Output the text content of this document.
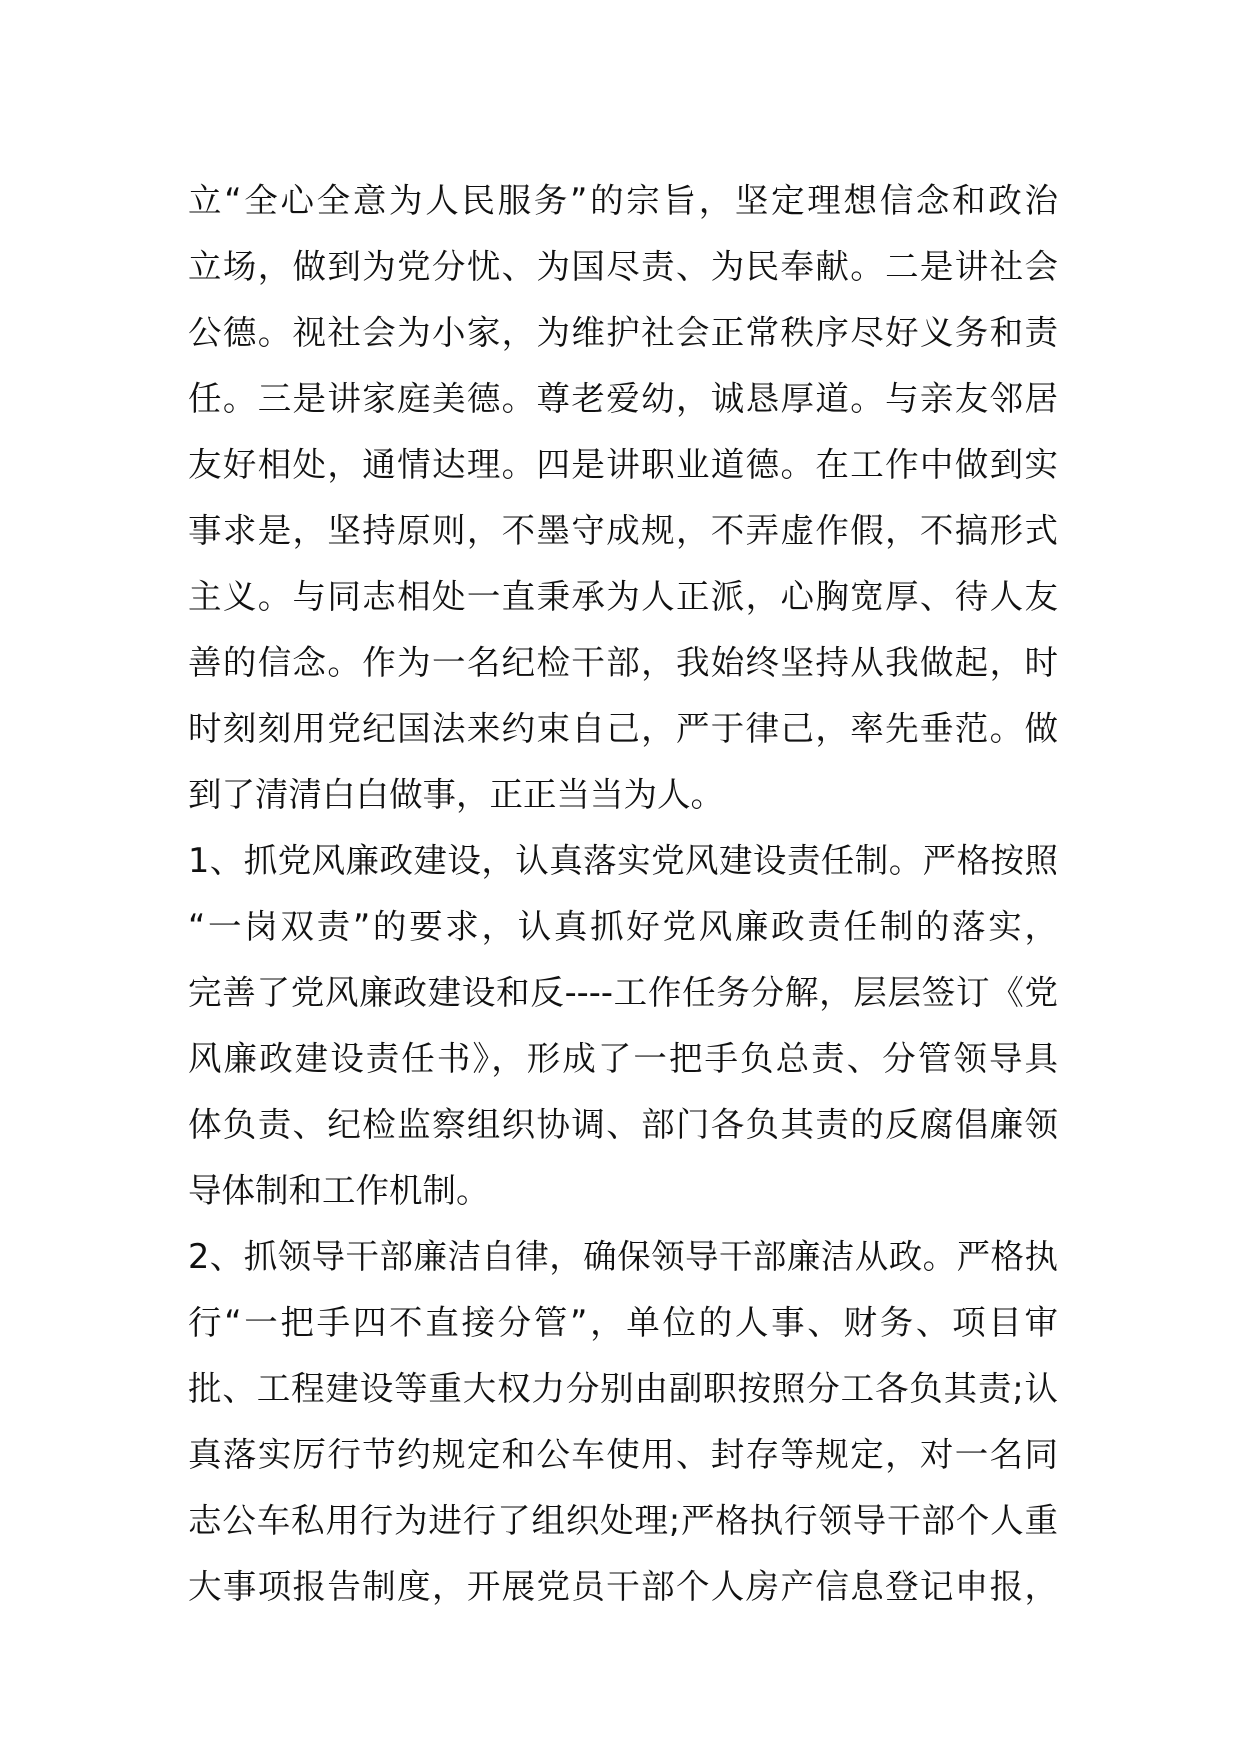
立“全心全意为人民服务”的宗旨，坚定理想信念和政治
立场，做到为党分忧、为国尽责、为民奉献。二是讲社会
公德。视社会为小家，为维护社会正常秩序尽好义务和责
任。三是讲家庭美德。尊老爱幼，诚恳厚道。与亲友邻居
友好相处，通情达理。四是讲职业道德。在工作中做到实
事求是，坚持原则，不墨守成规，不弄虚作假，不搞形式
主义。与同志相处一直秉承为人正派，心胸宽厚、待人友
善的信念。作为一名纪检干部，我始终坚持从我做起，时
时刻刻用党纪国法来约束自己，严于律己，率先垂范。做
到了清清白白做事，正正当当为人。
1、抓党风廉政建设，认真落实党风建设责任制。严格按照
“一岗双责”的要求，认真抓好党风廉政责任制的落实，
完善了党风廉政建设和反----工作任务分解，层层签订《党
风廉政建设责任书》，形成了一把手负总责、分管领导具
体负责、纪检监察组织协调、部门各负其责的反腐倡廉领
导体制和工作机制。
2、抓领导干部廉洁自律，确保领导干部廉洁从政。严格执
行“一把手四不直接分管”，单位的人事、财务、项目审
批、工程建设等重大权力分别由副职按照分工各负其责;认
真落实厉行节约规定和公车使用、封存等规定，对一名同
志公车私用行为进行了组织处理;严格执行领导干部个人重
大事项报告制度，开展党员干部个人房产信息登记申报，
